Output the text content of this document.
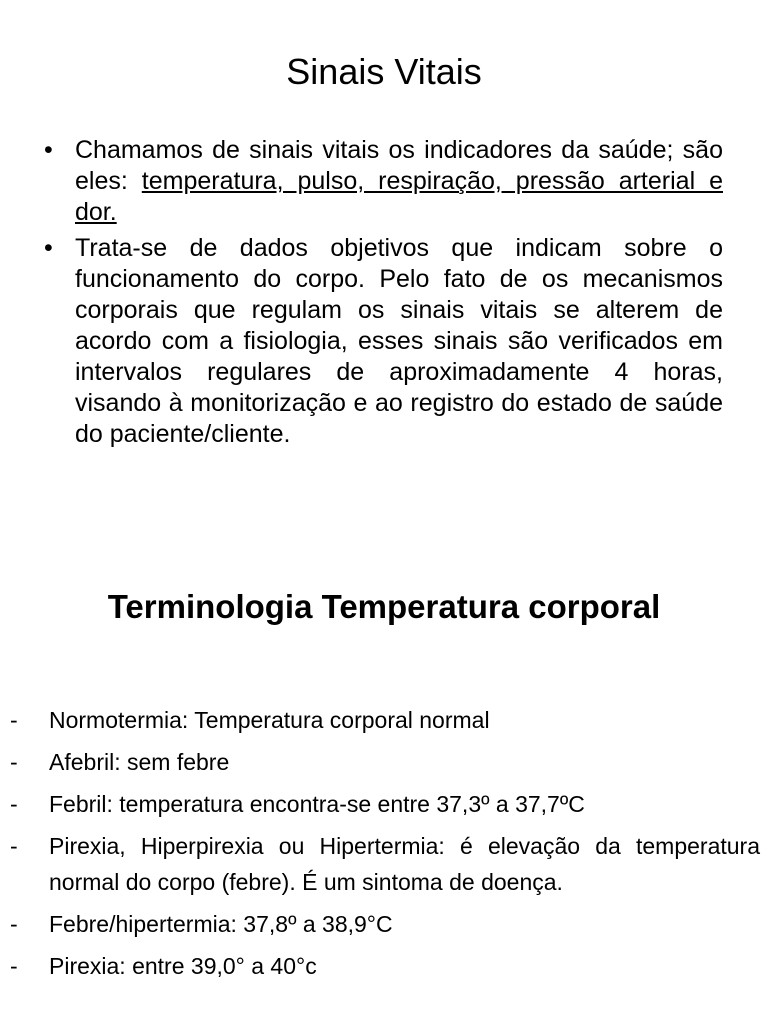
Sinais Vitais
• Chamamos de sinais vitais os indicadores da saúde; são eles: temperatura, pulso, respiração, pressão arterial e dor.
• Trata-se de dados objetivos que indicam sobre o funcionamento do corpo. Pelo fato de os mecanismos corporais que regulam os sinais vitais se alterem de acordo com a fisiologia, esses sinais são verificados em intervalos regulares de aproximadamente 4 horas, visando à monitorização e ao registro do estado de saúde do paciente/cliente.
Terminologia Temperatura corporal
- Normotermia: Temperatura corporal normal
- Afebril: sem febre
- Febril: temperatura encontra-se entre 37,3º a 37,7ºC
- Pirexia, Hiperpirexia ou Hipertermia: é elevação da temperatura normal do corpo (febre). É um sintoma de doença.
- Febre/hipertermia: 37,8º a 38,9°C
- Pirexia: entre 39,0° a 40°c
